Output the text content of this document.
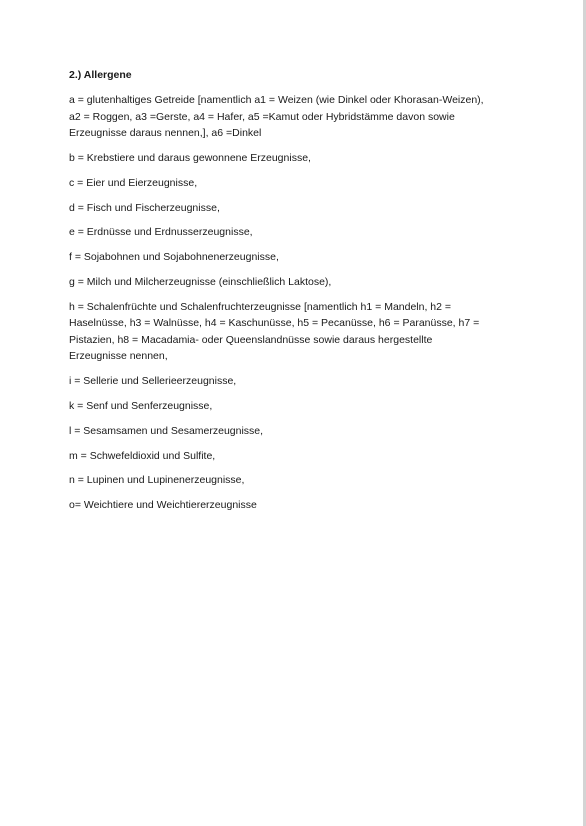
2.) Allergene
a = glutenhaltiges Getreide [namentlich a1 = Weizen (wie Dinkel oder Khorasan-Weizen),
a2 = Roggen, a3 =Gerste, a4 = Hafer, a5 =Kamut oder Hybridstämme davon sowie
Erzeugnisse daraus nennen,], a6 =Dinkel
b = Krebstiere und daraus gewonnene Erzeugnisse,
c = Eier und Eierzeugnisse,
d = Fisch und Fischerzeugnisse,
e = Erdnüsse und Erdnusserzeugnisse,
f = Sojabohnen und Sojabohnenerzeugnisse,
g = Milch und Milcherzeugnisse (einschließlich Laktose),
h = Schalenfrüchte und Schalenfruchterzeugnisse [namentlich h1 = Mandeln, h2 =
Haselnüsse, h3 = Walnüsse, h4 = Kaschunüsse, h5 = Pecanüsse, h6 = Paranüsse, h7 =
Pistazien, h8 = Macadamia- oder Queenslandnüsse sowie daraus hergestellte
Erzeugnisse nennen,
i = Sellerie und Sellerieerzeugnisse,
k = Senf und Senferzeugnisse,
l = Sesamsamen und Sesamerzeugnisse,
m = Schwefeldioxid und Sulfite,
n = Lupinen und Lupinenerzeugnisse,
o= Weichtiere und Weichtiererzeugnisse
